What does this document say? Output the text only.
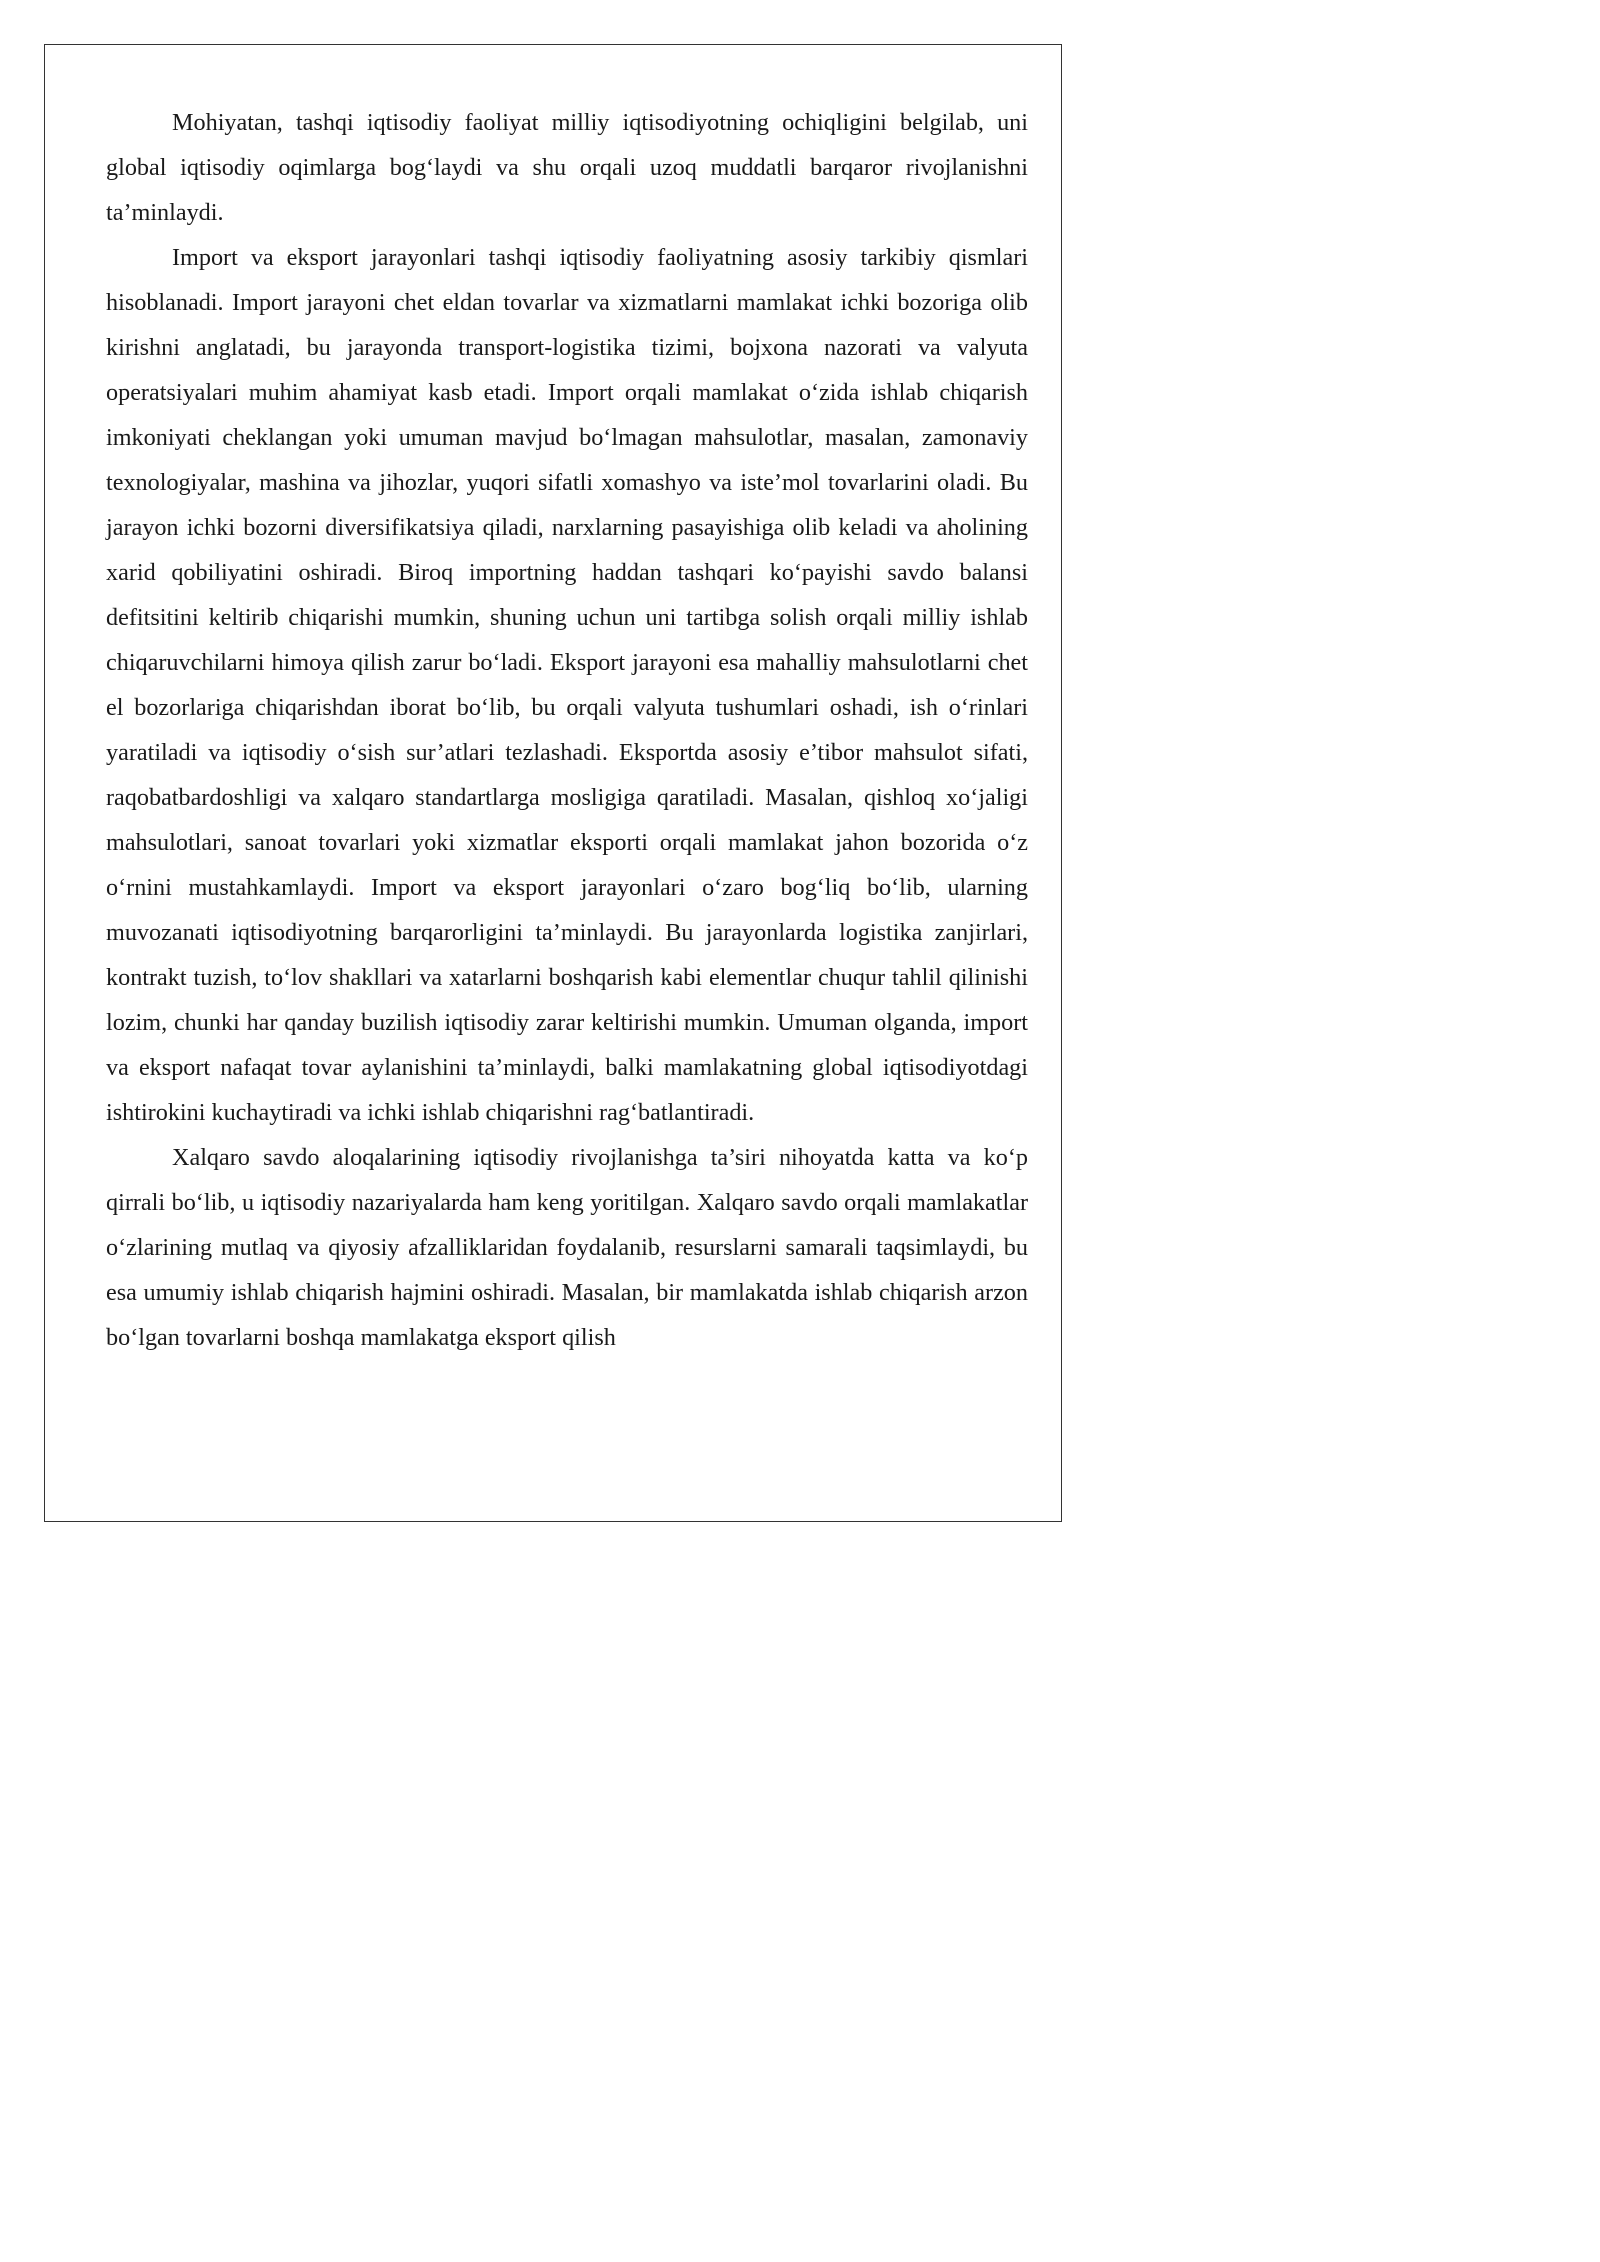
Mohiyatan, tashqi iqtisodiy faoliyat milliy iqtisodiyotning ochiqligini belgilab, uni global iqtisodiy oqimlarga bog‘laydi va shu orqali uzoq muddatli barqaror rivojlanishni ta’minlaydi.

Import va eksport jarayonlari tashqi iqtisodiy faoliyatning asosiy tarkibiy qismlari hisoblanadi. Import jarayoni chet eldan tovarlar va xizmatlarni mamlakat ichki bozoriga olib kirishni anglatadi, bu jarayonda transport-logistika tizimi, bojxona nazorati va valyuta operatsiyalari muhim ahamiyat kasb etadi. Import orqali mamlakat o‘zida ishlab chiqarish imkoniyati cheklangan yoki umuman mavjud bo‘lmagan mahsulotlar, masalan, zamonaviy texnologiyalar, mashina va jihozlar, yuqori sifatli xomashyo va iste’mol tovarlarini oladi. Bu jarayon ichki bozorni diversifikatsiya qiladi, narxlarning pasayishiga olib keladi va aholining xarid qobiliyatini oshiradi. Biroq importning haddan tashqari ko‘payishi savdo balansi defitsitini keltirib chiqarishi mumkin, shuning uchun uni tartibga solish orqali milliy ishlab chiqaruvchilarni himoya qilish zarur bo‘ladi. Eksport jarayoni esa mahalliy mahsulotlarni chet el bozorlariga chiqarishdan iborat bo‘lib, bu orqali valyuta tushumlari oshadi, ish o‘rinlari yaratiladi va iqtisodiy o‘sish sur’atlari tezlashadi. Eksportda asosiy e’tibor mahsulot sifati, raqobatbardoshligi va xalqaro standartlarga mosligiga qaratiladi. Masalan, qishloq xo‘jaligi mahsulotlari, sanoat tovarlari yoki xizmatlar eksporti orqali mamlakat jahon bozorida o‘z o‘rnini mustahkamlaydi. Import va eksport jarayonlari o‘zaro bog‘liq bo‘lib, ularning muvozanati iqtisodiyotning barqarorligini ta’minlaydi. Bu jarayonlarda logistika zanjirlari, kontrakt tuzish, to‘lov shakllari va xatarlarni boshqarish kabi elementlar chuqur tahlil qilinishi lozim, chunki har qanday buzilish iqtisodiy zarar keltirishi mumkin. Umuman olganda, import va eksport nafaqat tovar aylanishini ta’minlaydi, balki mamlakatning global iqtisodiyotdagi ishtirokini kuchaytiradi va ichki ishlab chiqarishni rag‘batlantiradi.

Xalqaro savdo aloqalarining iqtisodiy rivojlanishga ta’siri nihoyatda katta va ko‘p qirrali bo‘lib, u iqtisodiy nazariyalarda ham keng yoritilgan. Xalqaro savdo orqali mamlakatlar o‘zlarining mutlaq va qiyosiy afzalliklaridan foydalanib, resurslarni samarali taqsimlaydi, bu esa umumiy ishlab chiqarish hajmini oshiradi. Masalan, bir mamlakatda ishlab chiqarish arzon bo‘lgan tovarlarni boshqa mamlakatga eksport qilish
